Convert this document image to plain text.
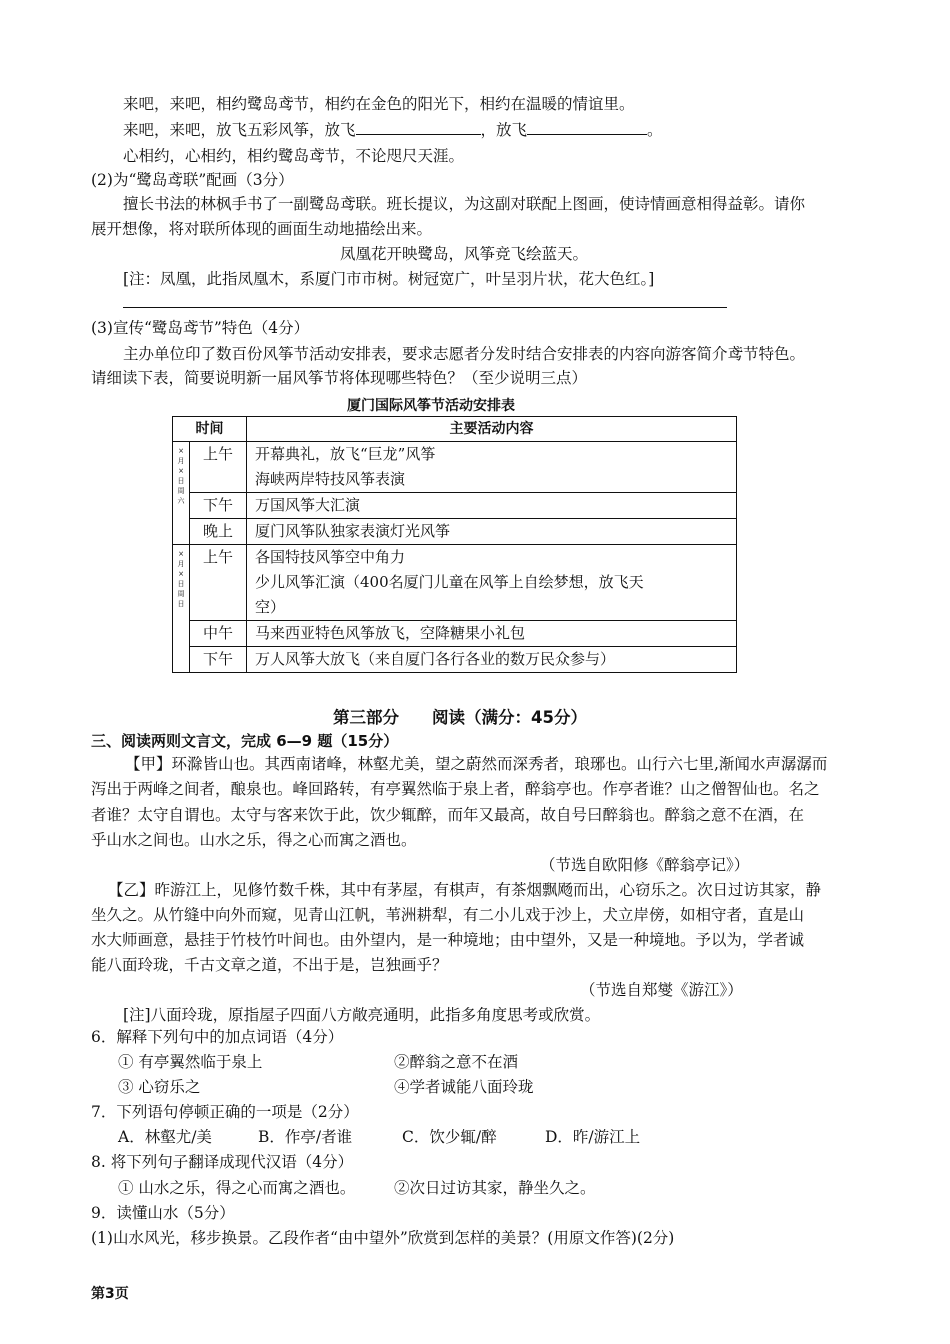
来吧，来吧，相约鹭岛鸢节，相约在金色的阳光下，相约在温暖的情谊里。
来吧，来吧，放飞五彩风筝，放飞	，放飞	。
心相约，心相约，相约鹭岛鸢节，不论咫尺天涯。
(2)为“鹭岛鸢联”配画（3分）
擅长书法的林枫手书了一副鹭岛鸢联。班长提议，为这副对联配上图画，使诗情画意相得益彰。请你
展开想像，将对联所体现的画面生动地描绘出来。
凤凰花开映鹭岛，风筝竞飞绘蓝天。
[注：凤凰，此指凤凰木，系厦门市市树。树冠宽广，叶呈羽片状，花大色红。]
(3)宣传“鹭岛鸢节”特色（4分）
主办单位印了数百份风筝节活动安排表，要求志愿者分发时结合安排表的内容向游客简介鸢节特色。
请细读下表，简要说明新一届风筝节将体现哪些特色？（至少说明三点）
厦门国际风筝节活动安排表
时间		主要活动内容
×月×日 周六	上午	开幕典礼，放飞“巨龙”风筝
海峡两岸特技风筝表演

	下午	万国风筝大汇演

	晚上	厦门风筝队独家表演灯光风筝

×月×日 周日	上午	各国特技风筝空中角力
少儿风筝汇演（400名厦门儿童在风筝上自绘梦想，放飞天
空）

	中午	马来西亚特色风筝放飞，空降糖果小礼包

	下午	万人风筝大放飞（来自厦门各行各业的数万民众参与）
第三部分　　阅读（满分：45分）
三、阅读两则文言文，完成 6—9 题（15分）
【甲】环滁皆山也。其西南诸峰，林壑尤美，望之蔚然而深秀者，琅琊也。山行六七里,渐闻水声潺潺而
泻出于两峰之间者，酿泉也。峰回路转，有亭翼然临于泉上者，醉翁亭也。作亭者谁？山之僧智仙也。名之
者谁？太守自谓也。太守与客来饮于此，饮少辄醉，而年又最高，故自号曰醉翁也。醉翁之意不在酒，在
乎山水之间也。山水之乐，得之心而寓之酒也。
（节选自欧阳修《醉翁亭记》）
【乙】昨游江上，见修竹数千株，其中有茅屋，有棋声，有茶烟飘飏而出，心窃乐之。次日过访其家，静
坐久之。从竹缝中向外而窥，见青山江帆，苇洲耕犁，有二小儿戏于沙上，犬立岸傍，如相守者，直是山
水大师画意，悬挂于竹枝竹叶间也。由外望内，是一种境地；由中望外，又是一种境地。予以为，学者诚
能八面玲珑，千古文章之道，不出于是，岂独画乎？
（节选自郑燮《游江》）
[注]八面玲珑，原指屋子四面八方敞亮通明，此指多角度思考或欣赏。
6．解释下列句中的加点词语（4分）
① 有亭翼然临于泉上	②醉翁之意不在酒
③ 心窃乐之	④学者诚能八面玲珑
7．下列语句停顿正确的一项是（2分）
A．林壑尤/美	B．作亭/者谁	C．饮少辄/醉	D．昨/游江上
8. 将下列句子翻译成现代汉语（4分）
① 山水之乐，得之心而寓之酒也。 ②次日过访其家，静坐久之。
9．读懂山水（5分）
(1)山水风光，移步换景。乙段作者“由中望外”欣赏到怎样的美景？(用原文作答)(2分)
第3页
